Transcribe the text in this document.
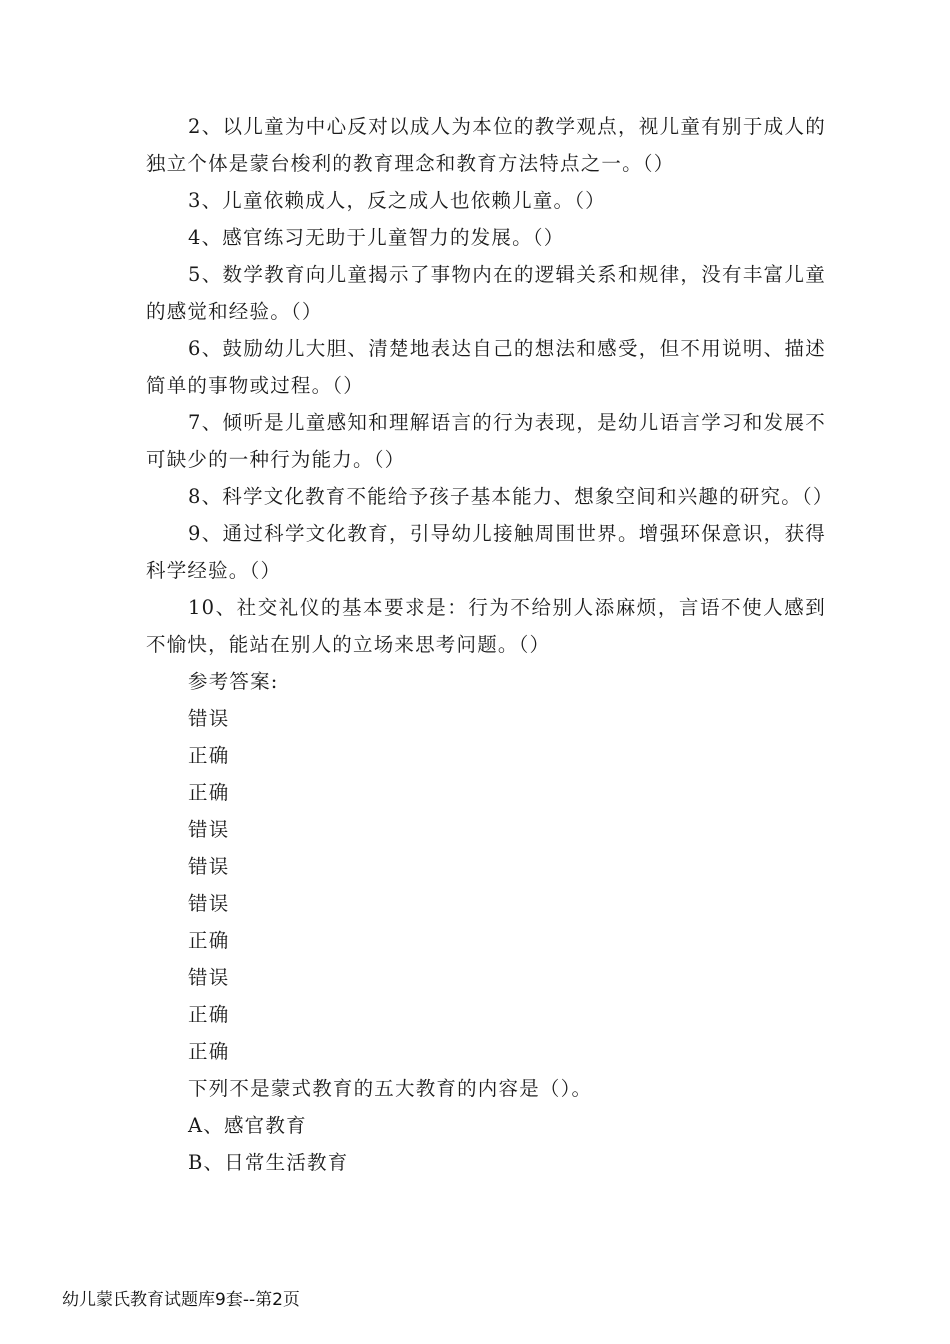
2、以儿童为中心反对以成人为本位的教学观点，视儿童有别于成人的独立个体是蒙台梭利的教育理念和教育方法特点之一。（）

3、儿童依赖成人，反之成人也依赖儿童。（）

4、感官练习无助于儿童智力的发展。（）

5、数学教育向儿童揭示了事物内在的逻辑关系和规律，没有丰富儿童的感觉和经验。（）

6、鼓励幼儿大胆、清楚地表达自己的想法和感受，但不用说明、描述简单的事物或过程。（）

7、倾听是儿童感知和理解语言的行为表现，是幼儿语言学习和发展不可缺少的一种行为能力。（）

8、科学文化教育不能给予孩子基本能力、想象空间和兴趣的研究。（）

9、通过科学文化教育，引导幼儿接触周围世界。增强环保意识，获得科学经验。（）

10、社交礼仪的基本要求是：行为不给别人添麻烦，言语不使人感到不愉快，能站在别人的立场来思考问题。（）

参考答案:

错误

正确

正确

错误

错误

错误

正确

错误

正确

正确

下列不是蒙式教育的五大教育的内容是（）。

A、感官教育

B、日常生活教育

幼儿蒙氏教育试题库9套--第2页
